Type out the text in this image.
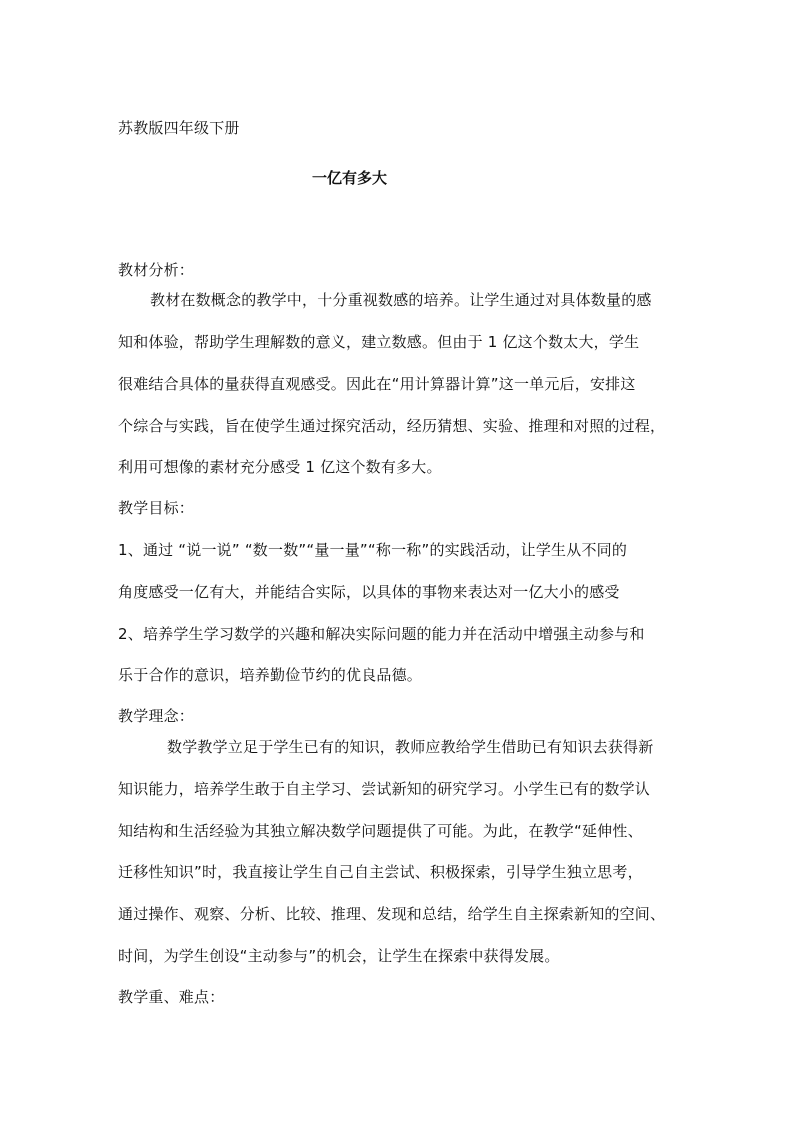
苏教版四年级下册
一亿有多大
教材分析：
教材在数概念的教学中，十分重视数感的培养。让学生通过对具体数量的感
知和体验，帮助学生理解数的意义，建立数感。但由于 1 亿这个数太大，学生
很难结合具体的量获得直观感受。因此在“用计算器计算”这一单元后，安排这
个综合与实践，旨在使学生通过探究活动，经历猜想、实验、推理和对照的过程，
利用可想像的素材充分感受 1 亿这个数有多大。
教学目标：
1、通过 “说一说” “数一数”“量一量”“称一称”的实践活动，让学生从不同的
角度感受一亿有大，并能结合实际，以具体的事物来表达对一亿大小的感受
2、培养学生学习数学的兴趣和解决实际问题的能力并在活动中增强主动参与和
乐于合作的意识，培养勤俭节约的优良品德。
教学理念：
数学教学立足于学生已有的知识，教师应教给学生借助已有知识去获得新
知识能力，培养学生敢于自主学习、尝试新知的研究学习。小学生已有的数学认
知结构和生活经验为其独立解决数学问题提供了可能。为此，在教学“延伸性、
迁移性知识”时，我直接让学生自己自主尝试、积极探索，引导学生独立思考，
通过操作、观察、分析、比较、推理、发现和总结，给学生自主探索新知的空间、
时间，为学生创设“主动参与”的机会，让学生在探索中获得发展。
教学重、难点：
